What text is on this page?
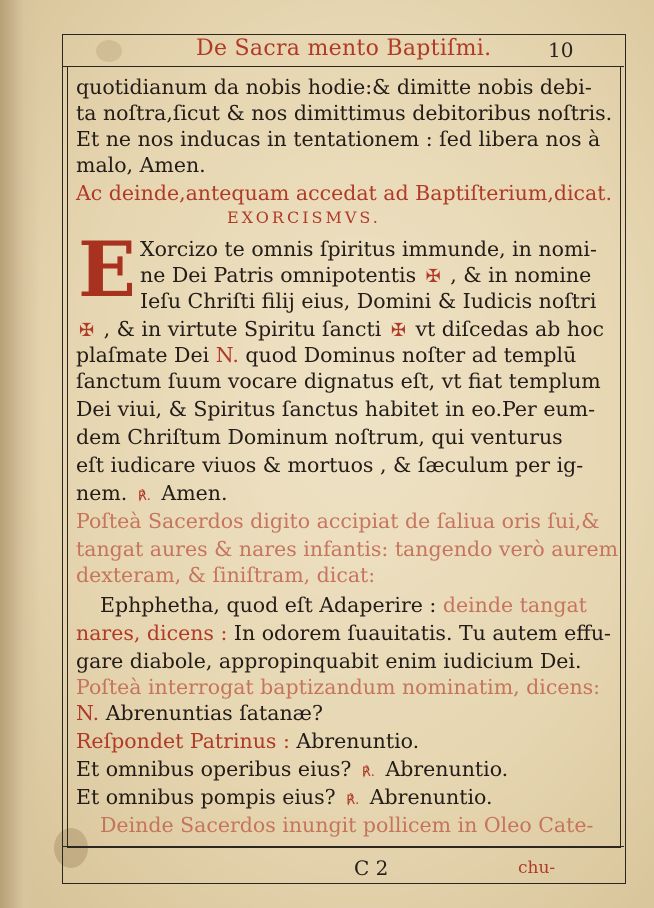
De Sacra mento Baptiſmi.	10
quotidianum da nobis hodie:& dimitte nobis debi-
ta noſtra,ſicut & nos dimittimus debitoribus noſtris.
Et ne nos inducas in tentationem : ſed libera nos à
malo, Amen.
Ac deinde,antequam accedat ad Baptiſterium,dicat.
EXORCISMVS.
E Xorcizo te omnis ſpiritus immunde, in nomi-
ne Dei Patris omnipotentis ✠ , & in nomine
Ieſu Chriſti filij eius, Domini & Iudicis noſtri
✠ , & in virtute Spiritu ſancti ✠ vt diſcedas ab hoc
plaſmate Dei N. quod Dominus noſter ad templū
ſanctum ſuum vocare dignatus eſt, vt fiat templum
Dei viui, & Spiritus ſanctus habitet in eo.Per eum-
dem Chriſtum Dominum noſtrum, qui venturus
eſt iudicare viuos & mortuos , & ſæculum per ig-
nem. ℟. Amen.
Poſteà Sacerdos digito accipiat de ſaliua oris ſui,&
tangat aures & nares infantis: tangendo verò aurem
dexteram, & ſiniſtram, dicat:
Ephphetha, quod eſt Adaperire : deinde tangat
nares, dicens : In odorem ſuauitatis. Tu autem effu-
gare diabole, appropinquabit enim iudicium Dei.
Poſteà interrogat baptizandum nominatim, dicens:
N. Abrenuntias ſatanæ?
Reſpondet Patrinus : Abrenuntio.
Et omnibus operibus eius? ℟. Abrenuntio.
Et omnibus pompis eius? ℟. Abrenuntio.
Deinde Sacerdos inungit pollicem in Oleo Cate-
C 2	chu-
